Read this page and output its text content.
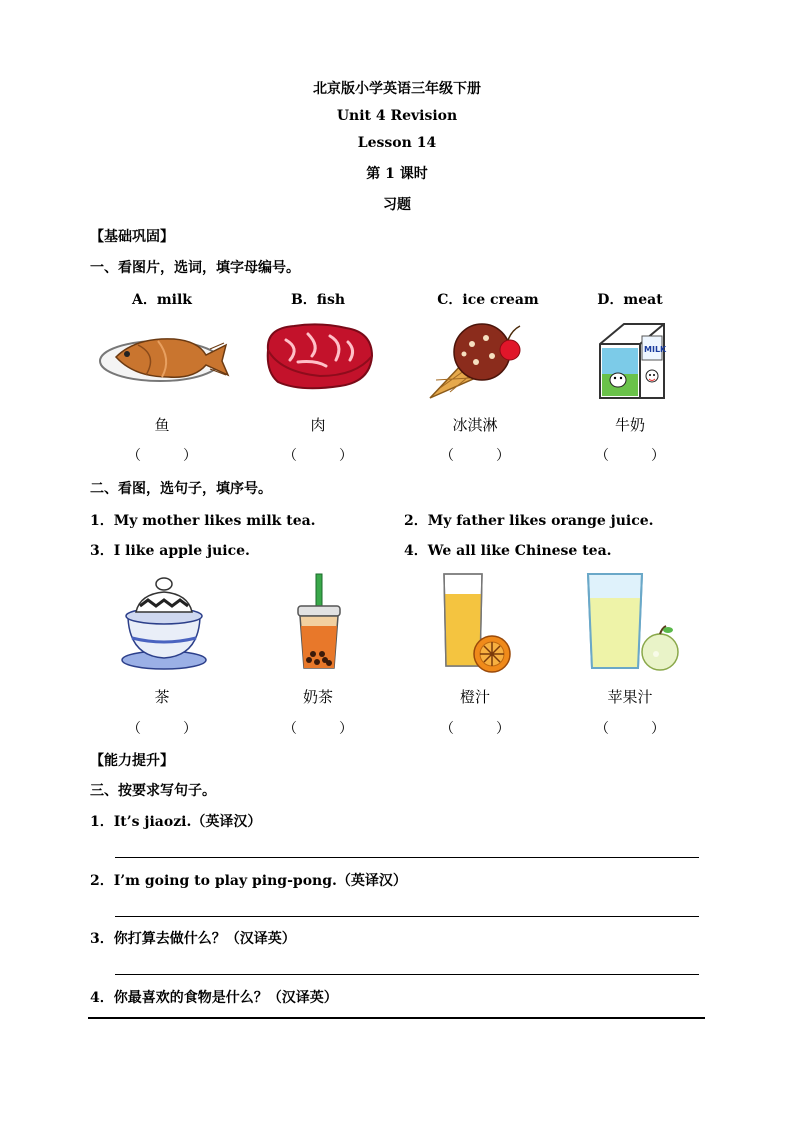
北京版小学英语三年级下册
Unit 4 Revision
Lesson 14
第 1 课时
习题
【基础巩固】
一、看图片，选词，填字母编号。
A．milk	B．fish	C．ice cream	D．meat
MILK
鱼	肉	冰淇淋	牛奶
（　　　）	（　　　）	（　　　）	（　　　）
二、看图，选句子，填序号。
1．My mother likes milk tea.	2．My father likes orange juice.
3．I like apple juice.	4．We all like Chinese tea.
茶	奶茶	橙汁	苹果汁
（　　　）	（　　　）	（　　　）	（　　　）
【能力提升】
三、按要求写句子。
1．It’s jiaozi.（英译汉）
2．I’m going to play ping-pong.（英译汉）
3．你打算去做什么？（汉译英）
4．你最喜欢的食物是什么？（汉译英）
